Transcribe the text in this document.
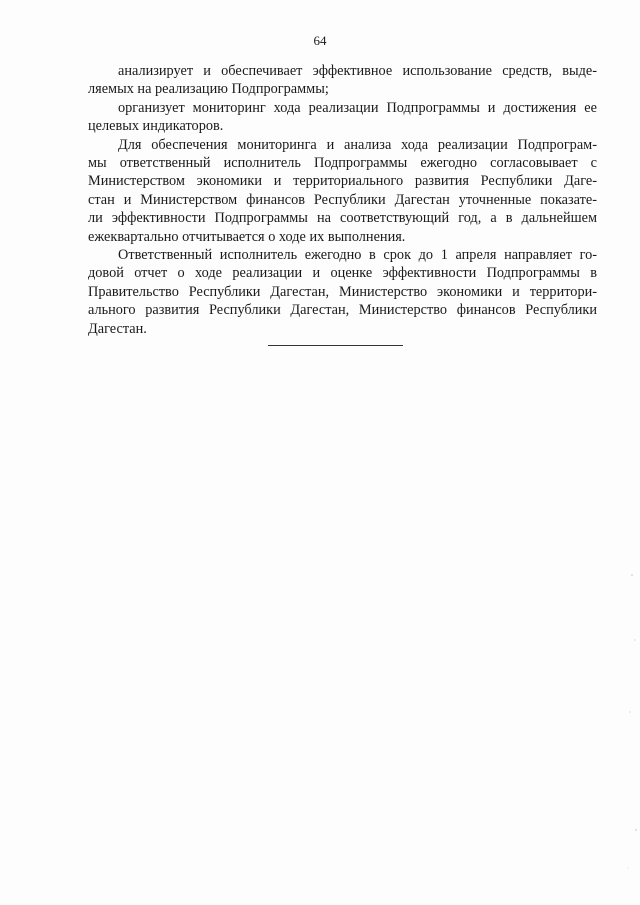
64

анализирует и обеспечивает эффективное использование средств, выде-
ляемых на реализацию Подпрограммы;

организует мониторинг хода реализации Подпрограммы и достижения ее
целевых индикаторов.

Для обеспечения мониторинга и анализа хода реализации Подпрограм-
мы ответственный исполнитель Подпрограммы ежегодно согласовывает с
Министерством экономики и территориального развития Республики Даге-
стан и Министерством финансов Республики Дагестан уточненные показате-
ли эффективности Подпрограммы на соответствующий год, а в дальнейшем
ежеквартально отчитывается о ходе их выполнения.

Ответственный исполнитель ежегодно в срок до 1 апреля направляет го-
довой отчет о ходе реализации и оценке эффективности Подпрограммы в
Правительство Республики Дагестан, Министерство экономики и территори-
ального развития Республики Дагестан, Министерство финансов Республики
Дагестан.
